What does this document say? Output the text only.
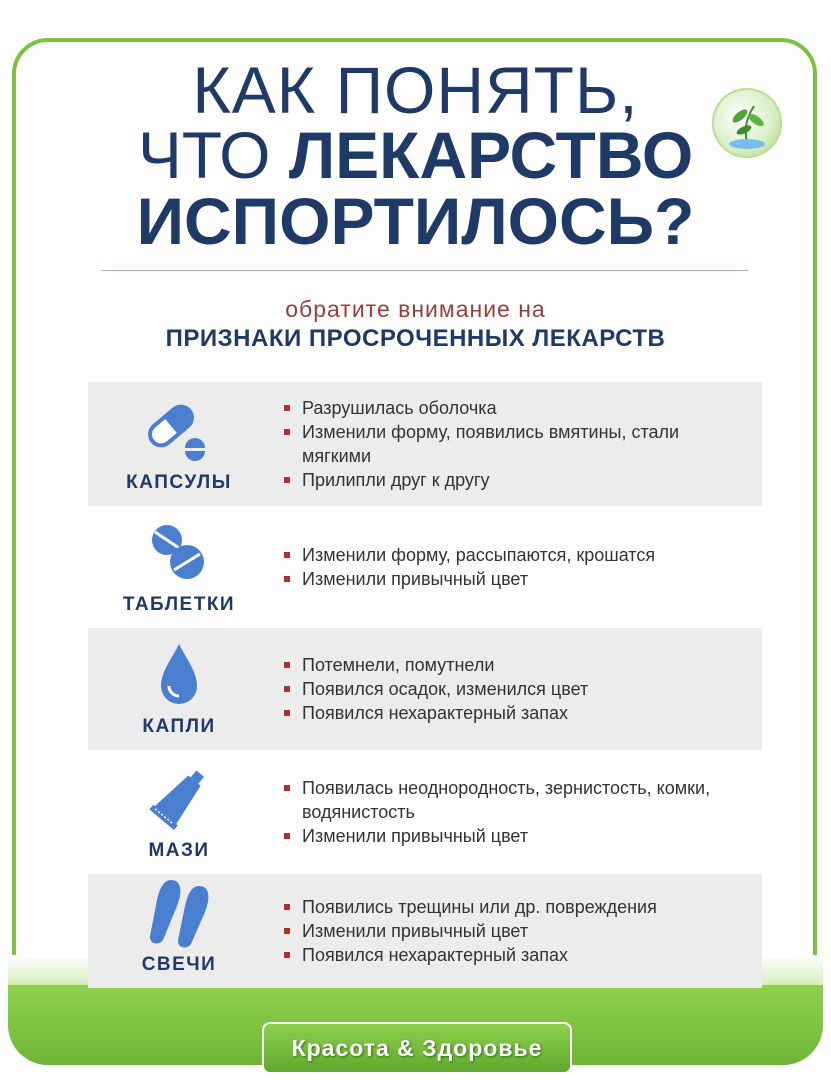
КАК ПОНЯТЬ,
ЧТО ЛЕКАРСТВО
ИСПОРТИЛОСЬ?
обратите внимание на
ПРИЗНАКИ ПРОСРОЧЕННЫХ ЛЕКАРСТВ
КАПСУЛЫ
Разрушилась оболочка
Изменили форму, появились вмятины, стали мягкими
Прилипли друг к другу
ТАБЛЕТКИ
Изменили форму, рассыпаются, крошатся
Изменили привычный цвет
КАПЛИ
Потемнели, помутнели
Появился осадок, изменился цвет
Появился нехарактерный запах
МАЗИ
Появилась неоднородность, зернистость, комки, водянистость
Изменили привычный цвет
СВЕЧИ
Появились трещины или др. повреждения
Изменили привычный цвет
Появился нехарактерный запах
Красота & Здоровье
